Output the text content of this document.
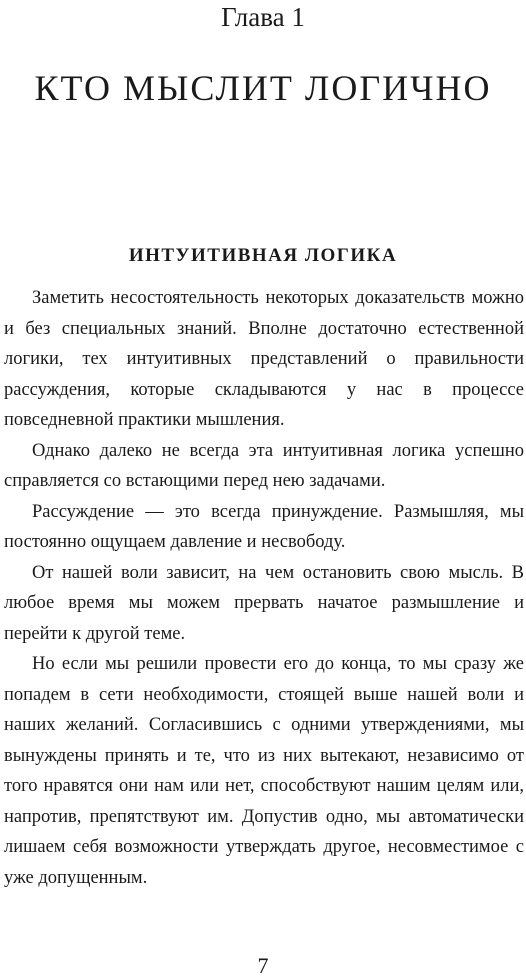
Глава 1
КТО МЫСЛИТ ЛОГИЧНО
ИНТУИТИВНАЯ ЛОГИКА

Заметить несостоятельность некоторых доказательств можно и без специальных знаний. Вполне достаточно естественной логики, тех интуитивных представлений о правильности рассуждения, которые складываются у нас в процессе повседневной практики мышления.

Однако далеко не всегда эта интуитивная логика успешно справляется со встающими перед нею задачами.

Рассуждение — это всегда принуждение. Размышляя, мы постоянно ощущаем давление и несвободу.

От нашей воли зависит, на чем остановить свою мысль. В любое время мы можем прервать начатое размышление и перейти к другой теме.

Но если мы решили провести его до конца, то мы сразу же попадем в сети необходимости, стоящей выше нашей воли и наших желаний. Согласившись с одними утверждениями, мы вынуждены принять и те, что из них вытекают, независимо от того нравятся они нам или нет, способствуют нашим целям или, напротив, препятствуют им. Допустив одно, мы автоматически лишаем себя возможности утверждать другое, несовместимое с уже допущенным.

7
